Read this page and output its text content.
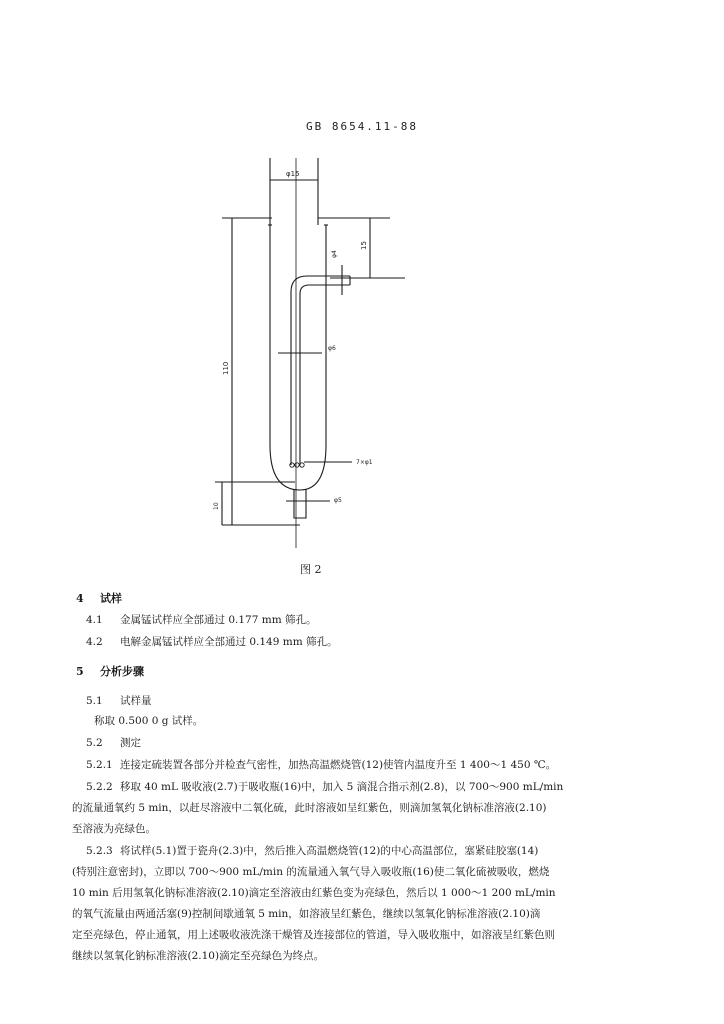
GB 8654.11-88
φ15
110
15
φ4
φ6
7×φ1
φ5
10
图 2
4 试样
4.1 金属锰试样应全部通过 0.177 mm 筛孔。
4.2 电解金属锰试样应全部通过 0.149 mm 筛孔。
5 分析步骤
5.1 试样量
称取 0.500 0 g 试样。
5.2 测定
5.2.1 连接定硫装置各部分并检查气密性，加热高温燃烧管(12)使管内温度升至 1 400～1 450 ℃。
5.2.2 移取 40 mL 吸收液(2.7)于吸收瓶(16)中，加入 5 滴混合指示剂(2.8)，以 700～900 mL/min
的流量通氧约 5 min，以赶尽溶液中二氧化硫，此时溶液如呈红紫色，则滴加氢氧化钠标准溶液(2.10)
至溶液为亮绿色。
5.2.3 将试样(5.1)置于瓷舟(2.3)中，然后推入高温燃烧管(12)的中心高温部位，塞紧硅胶塞(14)
(特别注意密封)，立即以 700～900 mL/min 的流量通入氧气导入吸收瓶(16)使二氧化硫被吸收，燃烧
10 min 后用氢氧化钠标准溶液(2.10)滴定至溶液由红紫色变为亮绿色，然后以 1 000～1 200 mL/min
的氧气流量由两通活塞(9)控制间歇通氧 5 min，如溶液呈红紫色，继续以氢氧化钠标准溶液(2.10)滴
定至亮绿色，停止通氧，用上述吸收液洗涤干燥管及连接部位的管道，导入吸收瓶中，如溶液呈红紫色则
继续以氢氧化钠标准溶液(2.10)滴定至亮绿色为终点。
